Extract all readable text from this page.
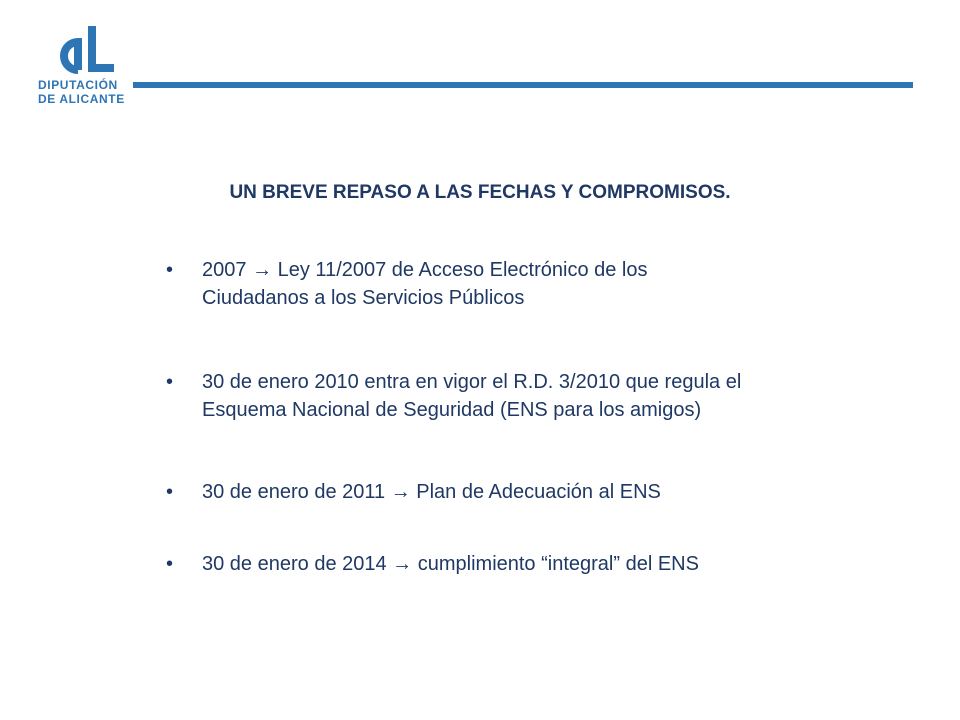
DIPUTACIÓN
DE ALICANTE
UN BREVE REPASO A LAS FECHAS Y COMPROMISOS.
• 2007 → Ley 11/2007 de Acceso Electrónico de los
Ciudadanos a los Servicios Públicos
• 30 de enero 2010 entra en vigor el R.D. 3/2010 que regula el
Esquema Nacional de Seguridad (ENS para los amigos)
• 30 de enero de 2011 → Plan de Adecuación al ENS
• 30 de enero de 2014 → cumplimiento “integral” del ENS
